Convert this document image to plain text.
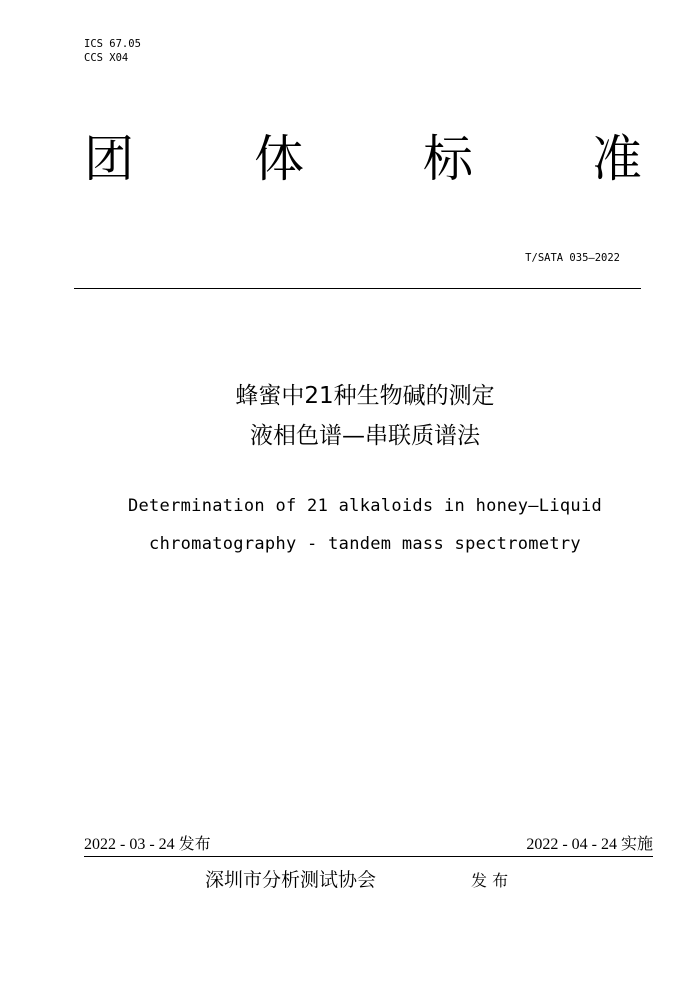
ICS 67.05
CCS X04
团 体 标 准
T/SATA 035—2022
蜂蜜中21种生物碱的测定
液相色谱—串联质谱法
Determination of 21 alkaloids in honey—Liquid
chromatography - tandem mass spectrometry
2022 - 03 - 24 发布	2022 - 04 - 24 实施
深圳市分析测试协会	发 布
